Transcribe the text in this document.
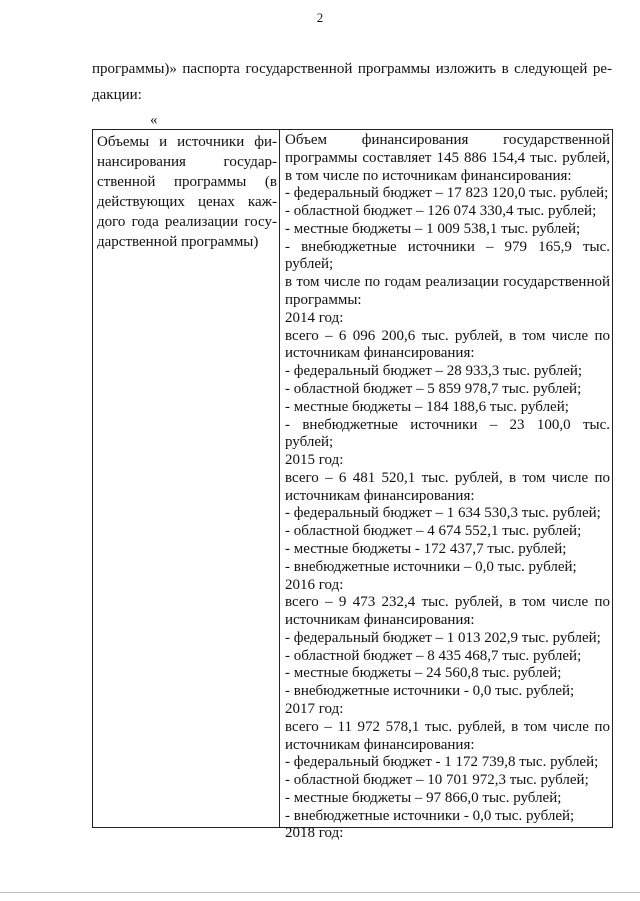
2
программы)» паспорта государственной программы изложить в следующей ре-
дакции:
«
Объемы и источники фи-
нансирования государ-
ственной программы (в
действующих ценах каж-
дого года реализации госу-
дарственной программы)
Объем финансирования государственной
программы составляет 145 886 154,4 тыс. рублей,
в том числе по источникам финансирования:
- федеральный бюджет – 17 823 120,0 тыс. рублей;
- областной бюджет – 126 074 330,4 тыс. рублей;
- местные бюджеты – 1 009 538,1 тыс. рублей;
- внебюджетные источники – 979 165,9 тыс.
рублей;
в том числе по годам реализации государственной
программы:
2014 год:
всего – 6 096 200,6 тыс. рублей, в том числе по
источникам финансирования:
- федеральный бюджет – 28 933,3 тыс. рублей;
- областной бюджет – 5 859 978,7 тыс. рублей;
- местные бюджеты – 184 188,6 тыс. рублей;
- внебюджетные источники – 23 100,0 тыс.
рублей;
2015 год:
всего – 6 481 520,1 тыс. рублей, в том числе по
источникам финансирования:
- федеральный бюджет – 1 634 530,3 тыс. рублей;
- областной бюджет – 4 674 552,1 тыс. рублей;
- местные бюджеты - 172 437,7 тыс. рублей;
- внебюджетные источники – 0,0 тыс. рублей;
2016 год:
всего – 9 473 232,4 тыс. рублей, в том числе по
источникам финансирования:
- федеральный бюджет – 1 013 202,9 тыс. рублей;
- областной бюджет – 8 435 468,7 тыс. рублей;
- местные бюджеты – 24 560,8 тыс. рублей;
- внебюджетные источники - 0,0 тыс. рублей;
2017 год:
всего – 11 972 578,1 тыс. рублей, в том числе по
источникам финансирования:
- федеральный бюджет - 1 172 739,8 тыс. рублей;
- областной бюджет – 10 701 972,3 тыс. рублей;
- местные бюджеты – 97 866,0 тыс. рублей;
- внебюджетные источники - 0,0 тыс. рублей;
2018 год:
